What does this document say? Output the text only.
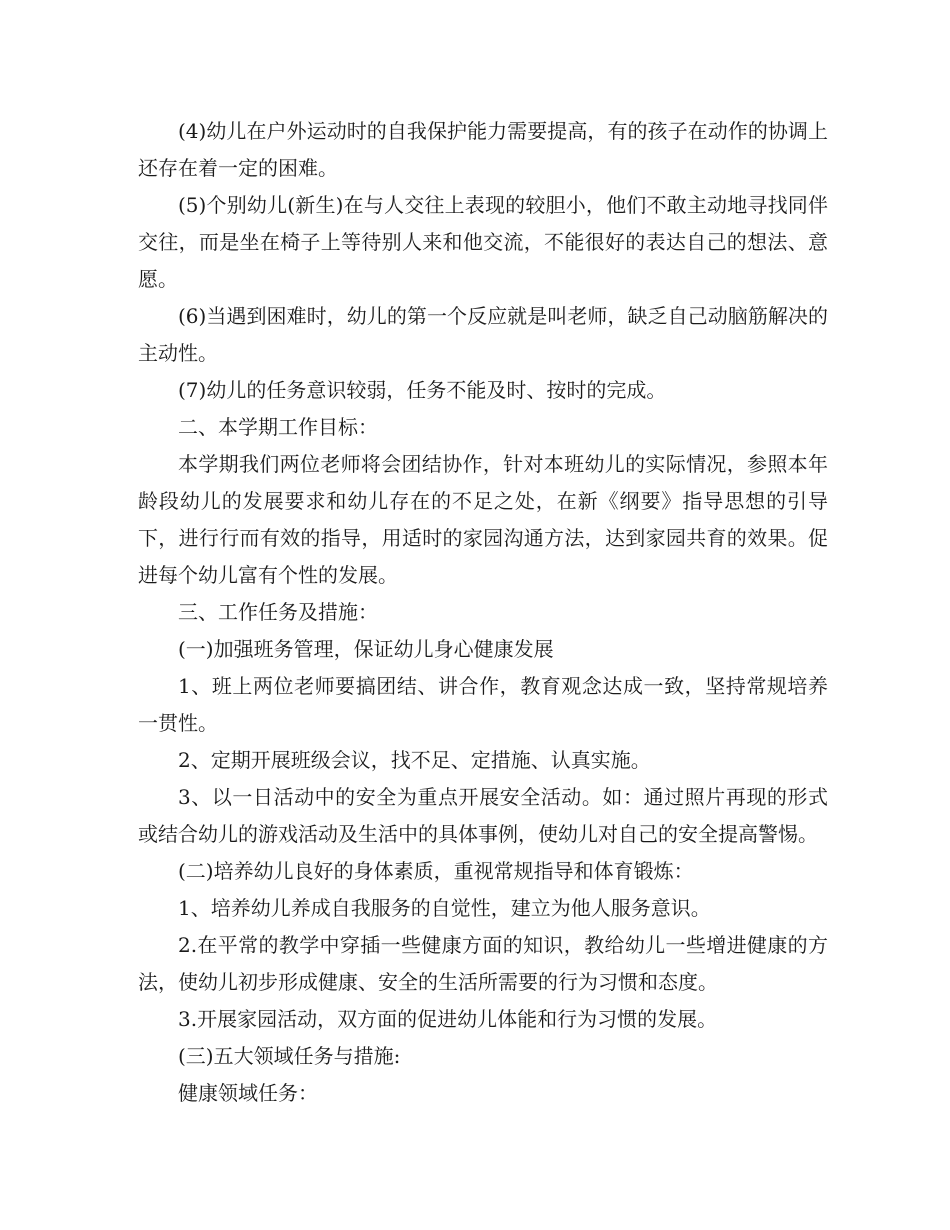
(4)幼儿在户外运动时的自我保护能力需要提高，有的孩子在动作的协调上还存在着一定的困难。

(5)个别幼儿(新生)在与人交往上表现的较胆小，他们不敢主动地寻找同伴交往，而是坐在椅子上等待别人来和他交流，不能很好的表达自己的想法、意愿。

(6)当遇到困难时，幼儿的第一个反应就是叫老师，缺乏自己动脑筋解决的主动性。

(7)幼儿的任务意识较弱，任务不能及时、按时的完成。

二、本学期工作目标：

本学期我们两位老师将会团结协作，针对本班幼儿的实际情况，参照本年龄段幼儿的发展要求和幼儿存在的不足之处，在新《纲要》指导思想的引导下，进行行而有效的指导，用适时的家园沟通方法，达到家园共育的效果。促进每个幼儿富有个性的发展。

三、工作任务及措施：

(一)加强班务管理，保证幼儿身心健康发展

1、班上两位老师要搞团结、讲合作，教育观念达成一致，坚持常规培养一贯性。

2、定期开展班级会议，找不足、定措施、认真实施。

3、以一日活动中的安全为重点开展安全活动。如：通过照片再现的形式或结合幼儿的游戏活动及生活中的具体事例，使幼儿对自己的安全提高警惕。

(二)培养幼儿良好的身体素质，重视常规指导和体育锻炼：

1、培养幼儿养成自我服务的自觉性，建立为他人服务意识。

2.在平常的教学中穿插一些健康方面的知识，教给幼儿一些增进健康的方法，使幼儿初步形成健康、安全的生活所需要的行为习惯和态度。

3.开展家园活动，双方面的促进幼儿体能和行为习惯的发展。

(三)五大领域任务与措施:

健康领域任务：
